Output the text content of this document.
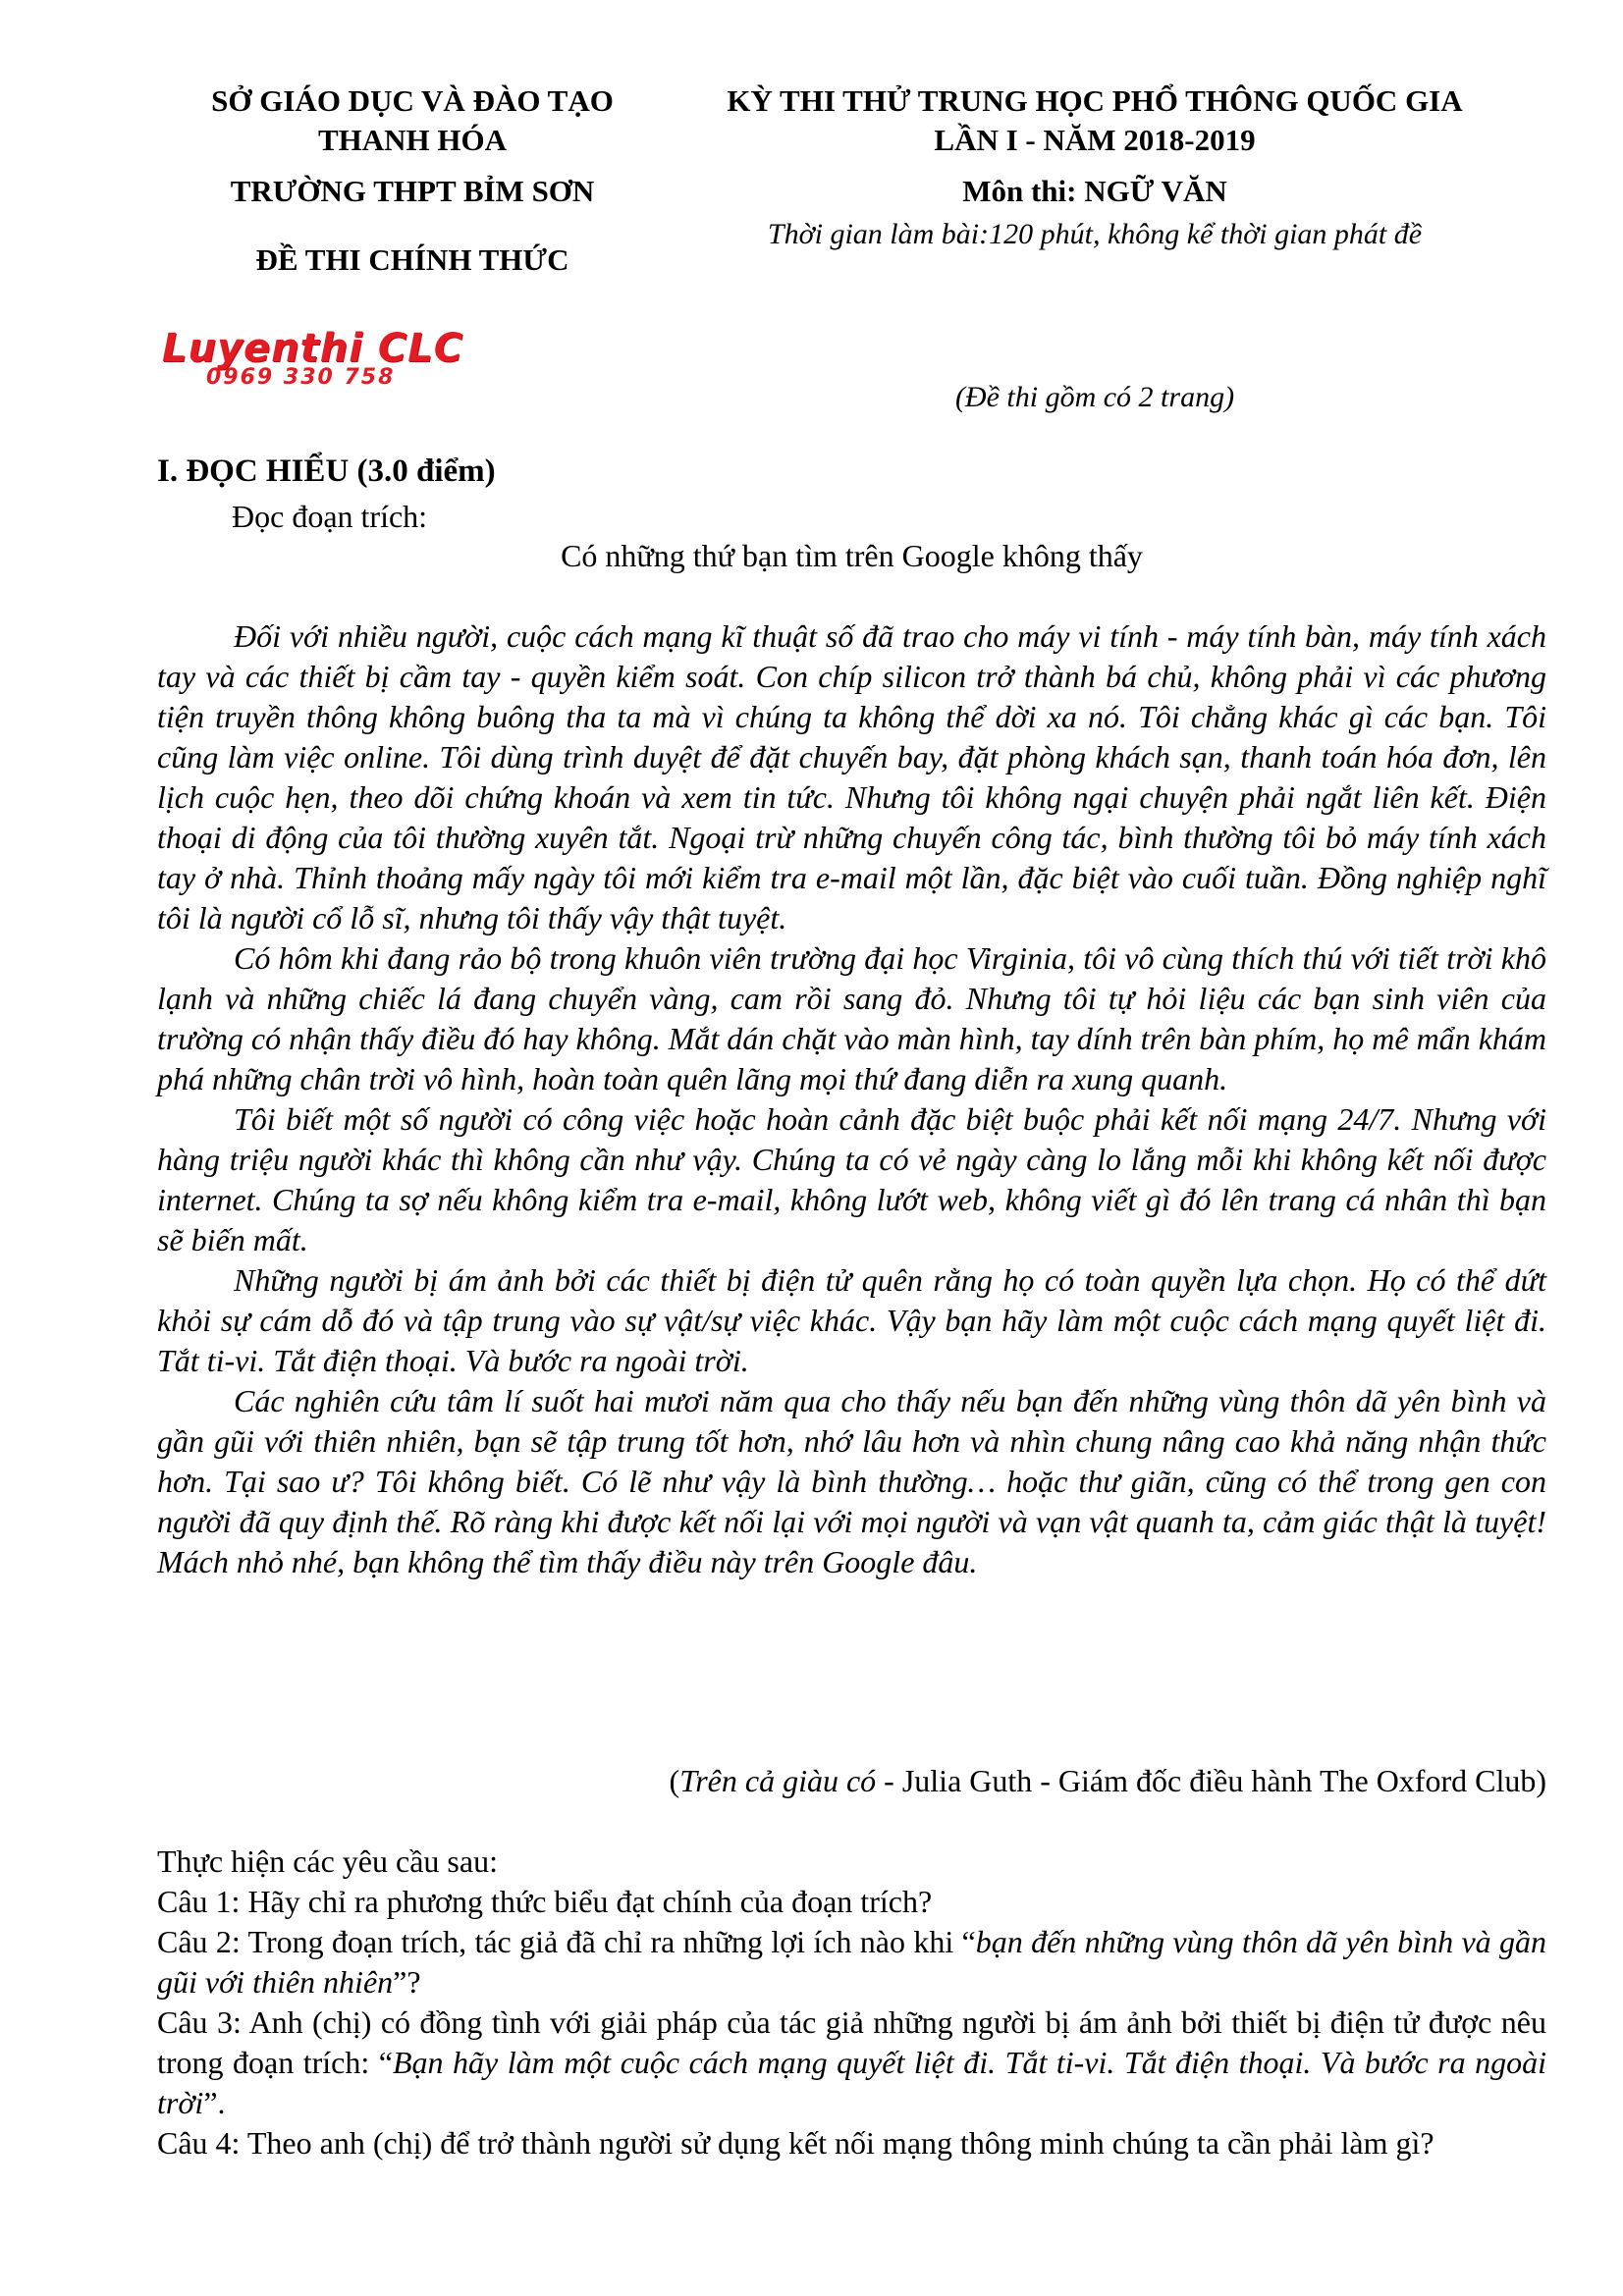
SỞ GIÁO DỤC VÀ ĐÀO TẠO
THANH HÓA
TRƯỜNG THPT BỈM SƠN
ĐỀ THI CHÍNH THỨC
KỲ THI THỬ TRUNG HỌC PHỔ THÔNG QUỐC GIA
LẦN I - NĂM 2018-2019
Môn thi: NGỮ VĂN
Thời gian làm bài:120 phút, không kể thời gian phát đề
(Đề thi gồm có 2 trang)
Luyenthi CLC
0969 330 758
I. ĐỌC HIỂU (3.0 điểm)
Đọc đoạn trích:
Có những thứ bạn tìm trên Google không thấy

Đối với nhiều người, cuộc cách mạng kĩ thuật số đã trao cho máy vi tính - máy tính bàn, máy tính xách tay và các thiết bị cầm tay - quyền kiểm soát. Con chíp silicon trở thành bá chủ, không phải vì các phương tiện truyền thông không buông tha ta mà vì chúng ta không thể dời xa nó. Tôi chẳng khác gì các bạn. Tôi cũng làm việc online. Tôi dùng trình duyệt để đặt chuyến bay, đặt phòng khách sạn, thanh toán hóa đơn, lên lịch cuộc hẹn, theo dõi chứng khoán và xem tin tức. Nhưng tôi không ngại chuyện phải ngắt liên kết. Điện thoại di động của tôi thường xuyên tắt. Ngoại trừ những chuyến công tác, bình thường tôi bỏ máy tính xách tay ở nhà. Thỉnh thoảng mấy ngày tôi mới kiểm tra e-mail một lần, đặc biệt vào cuối tuần. Đồng nghiệp nghĩ tôi là người cổ lỗ sĩ, nhưng tôi thấy vậy thật tuyệt.

Có hôm khi đang rảo bộ trong khuôn viên trường đại học Virginia, tôi vô cùng thích thú với tiết trời khô lạnh và những chiếc lá đang chuyển vàng, cam rồi sang đỏ. Nhưng tôi tự hỏi liệu các bạn sinh viên của trường có nhận thấy điều đó hay không. Mắt dán chặt vào màn hình, tay dính trên bàn phím, họ mê mẩn khám phá những chân trời vô hình, hoàn toàn quên lãng mọi thứ đang diễn ra xung quanh.

Tôi biết một số người có công việc hoặc hoàn cảnh đặc biệt buộc phải kết nối mạng 24/7. Nhưng với hàng triệu người khác thì không cần như vậy. Chúng ta có vẻ ngày càng lo lắng mỗi khi không kết nối được internet. Chúng ta sợ nếu không kiểm tra e-mail, không lướt web, không viết gì đó lên trang cá nhân thì bạn sẽ biến mất.

Những người bị ám ảnh bởi các thiết bị điện tử quên rằng họ có toàn quyền lựa chọn. Họ có thể dứt khỏi sự cám dỗ đó và tập trung vào sự vật/sự việc khác. Vậy bạn hãy làm một cuộc cách mạng quyết liệt đi. Tắt ti-vi. Tắt điện thoại. Và bước ra ngoài trời.

Các nghiên cứu tâm lí suốt hai mươi năm qua cho thấy nếu bạn đến những vùng thôn dã yên bình và gần gũi với thiên nhiên, bạn sẽ tập trung tốt hơn, nhớ lâu hơn và nhìn chung nâng cao khả năng nhận thức hơn. Tại sao ư? Tôi không biết. Có lẽ như vậy là bình thường… hoặc thư giãn, cũng có thể trong gen con người đã quy định thế. Rõ ràng khi được kết nối lại với mọi người và vạn vật quanh ta, cảm giác thật là tuyệt! Mách nhỏ nhé, bạn không thể tìm thấy điều này trên Google đâu.

(Trên cả giàu có - Julia Guth - Giám đốc điều hành The Oxford Club)

Thực hiện các yêu cầu sau:

Câu 1: Hãy chỉ ra phương thức biểu đạt chính của đoạn trích?

Câu 2: Trong đoạn trích, tác giả đã chỉ ra những lợi ích nào khi “bạn đến những vùng thôn dã yên bình và gần gũi với thiên nhiên”?

Câu 3: Anh (chị) có đồng tình với giải pháp của tác giả những người bị ám ảnh bởi thiết bị điện tử được nêu trong đoạn trích: “Bạn hãy làm một cuộc cách mạng quyết liệt đi. Tắt ti-vi. Tắt điện thoại. Và bước ra ngoài trời”.

Câu 4: Theo anh (chị) để trở thành người sử dụng kết nối mạng thông minh chúng ta cần phải làm gì?
